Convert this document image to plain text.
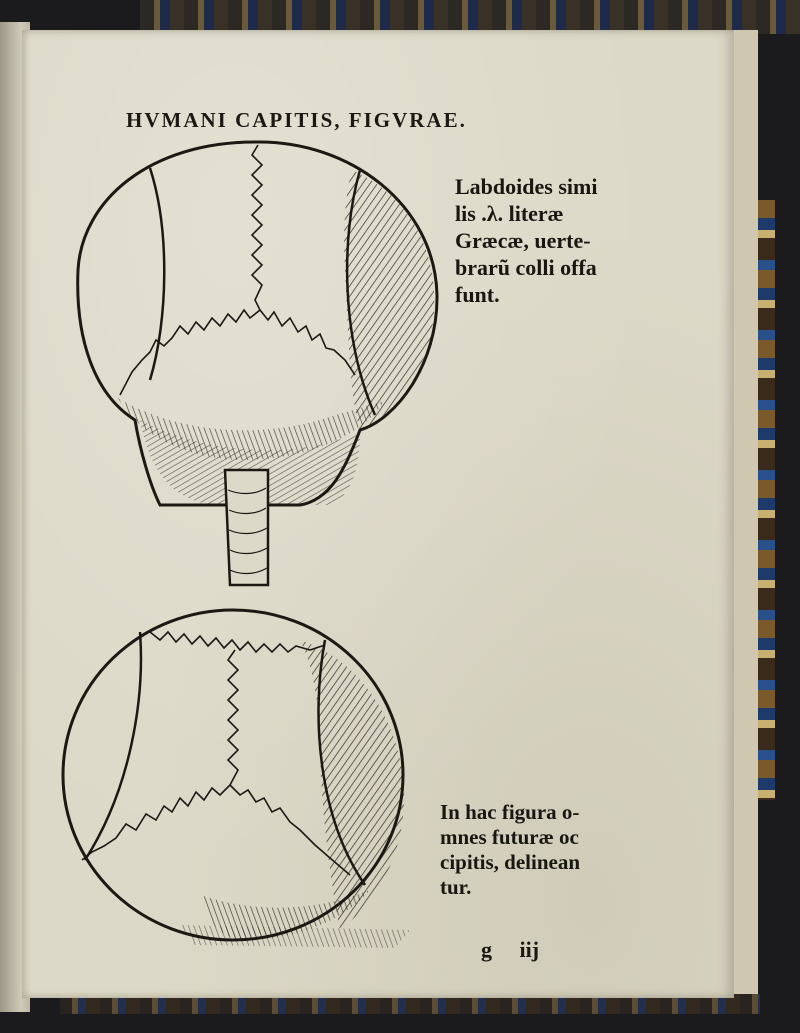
HVMANI CAPITIS, FIGVRAE.
Labdoides simi
lis .λ. literæ
Græcæ, uerte-
brarũ colli offa
funt.
In hac figura o-
mnes futuræ oc
cipitis, delinean
tur.
g iij
